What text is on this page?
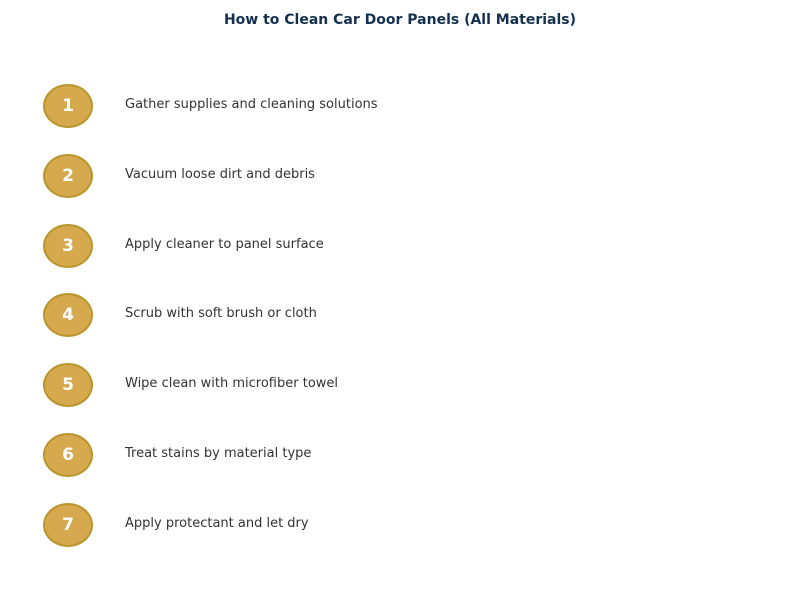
How to Clean Car Door Panels (All Materials)
1	Gather supplies and cleaning solutions
2	Vacuum loose dirt and debris
3	Apply cleaner to panel surface
4	Scrub with soft brush or cloth
5	Wipe clean with microfiber towel
6	Treat stains by material type
7	Apply protectant and let dry
